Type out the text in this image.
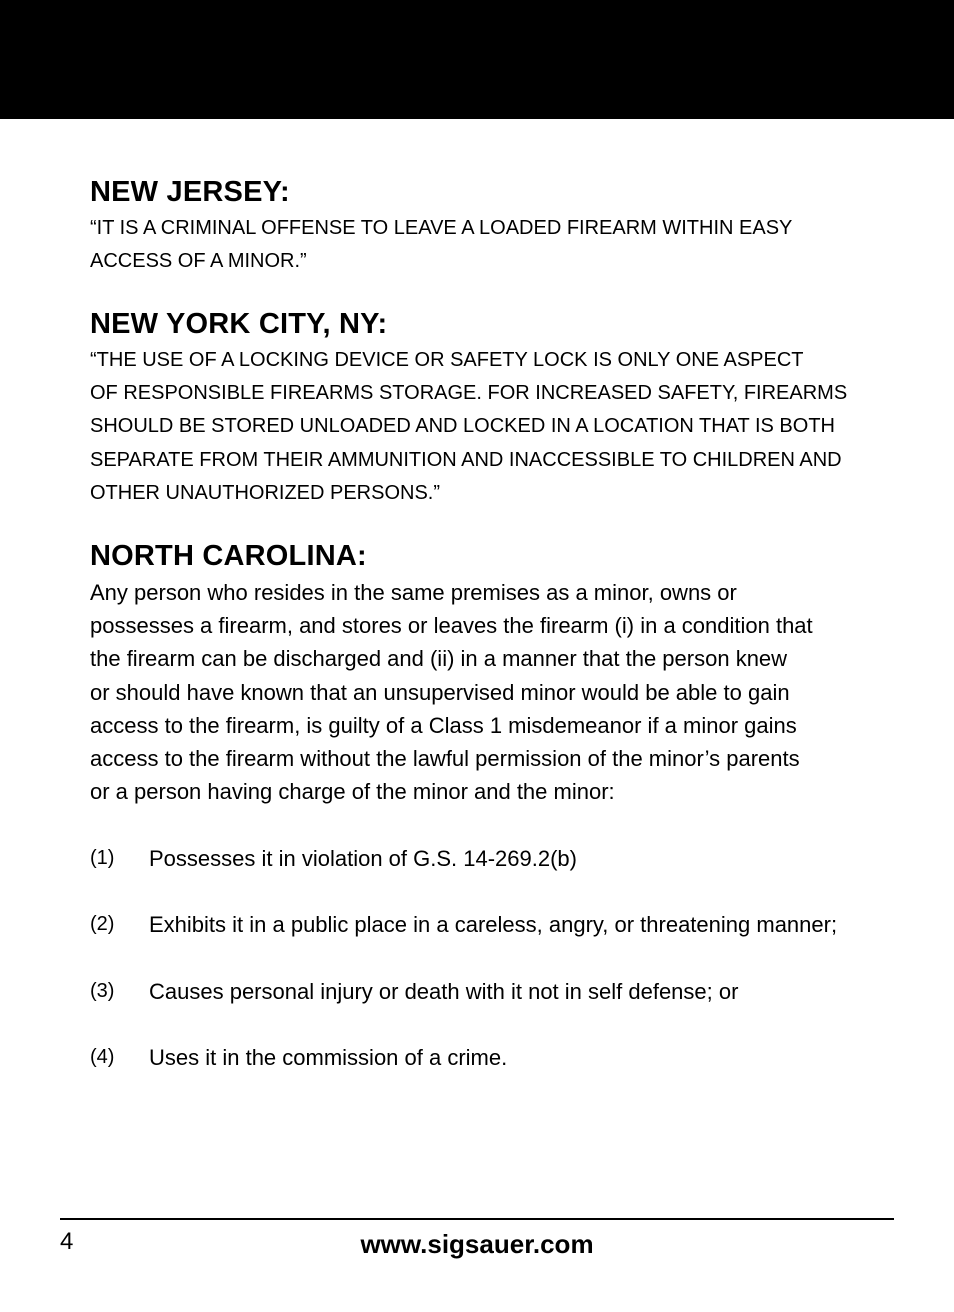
NEW JERSEY:
“IT IS A CRIMINAL OFFENSE TO LEAVE A LOADED FIREARM WITHIN EASY
ACCESS OF A MINOR.”
NEW YORK CITY, NY:
“THE USE OF A LOCKING DEVICE OR SAFETY LOCK IS ONLY ONE ASPECT
OF RESPONSIBLE FIREARMS STORAGE. FOR INCREASED SAFETY, FIREARMS
SHOULD BE STORED UNLOADED AND LOCKED IN A LOCATION THAT IS BOTH
SEPARATE FROM THEIR AMMUNITION AND INACCESSIBLE TO CHILDREN AND
OTHER UNAUTHORIZED PERSONS.”
NORTH CAROLINA:
Any person who resides in the same premises as a minor, owns or
possesses a firearm, and stores or leaves the firearm (i) in a condition that
the firearm can be discharged and (ii) in a manner that the person knew
or should have known that an unsupervised minor would be able to gain
access to the firearm, is guilty of a Class 1 misdemeanor if a minor gains
access to the firearm without the lawful permission of the minor’s parents
or a person having charge of the minor and the minor:
(1) Possesses it in violation of G.S. 14-269.2(b)
(2) Exhibits it in a public place in a careless, angry, or threatening manner;
(3) Causes personal injury or death with it not in self defense; or
(4) Uses it in the commission of a crime.
4	www.sigsauer.com
